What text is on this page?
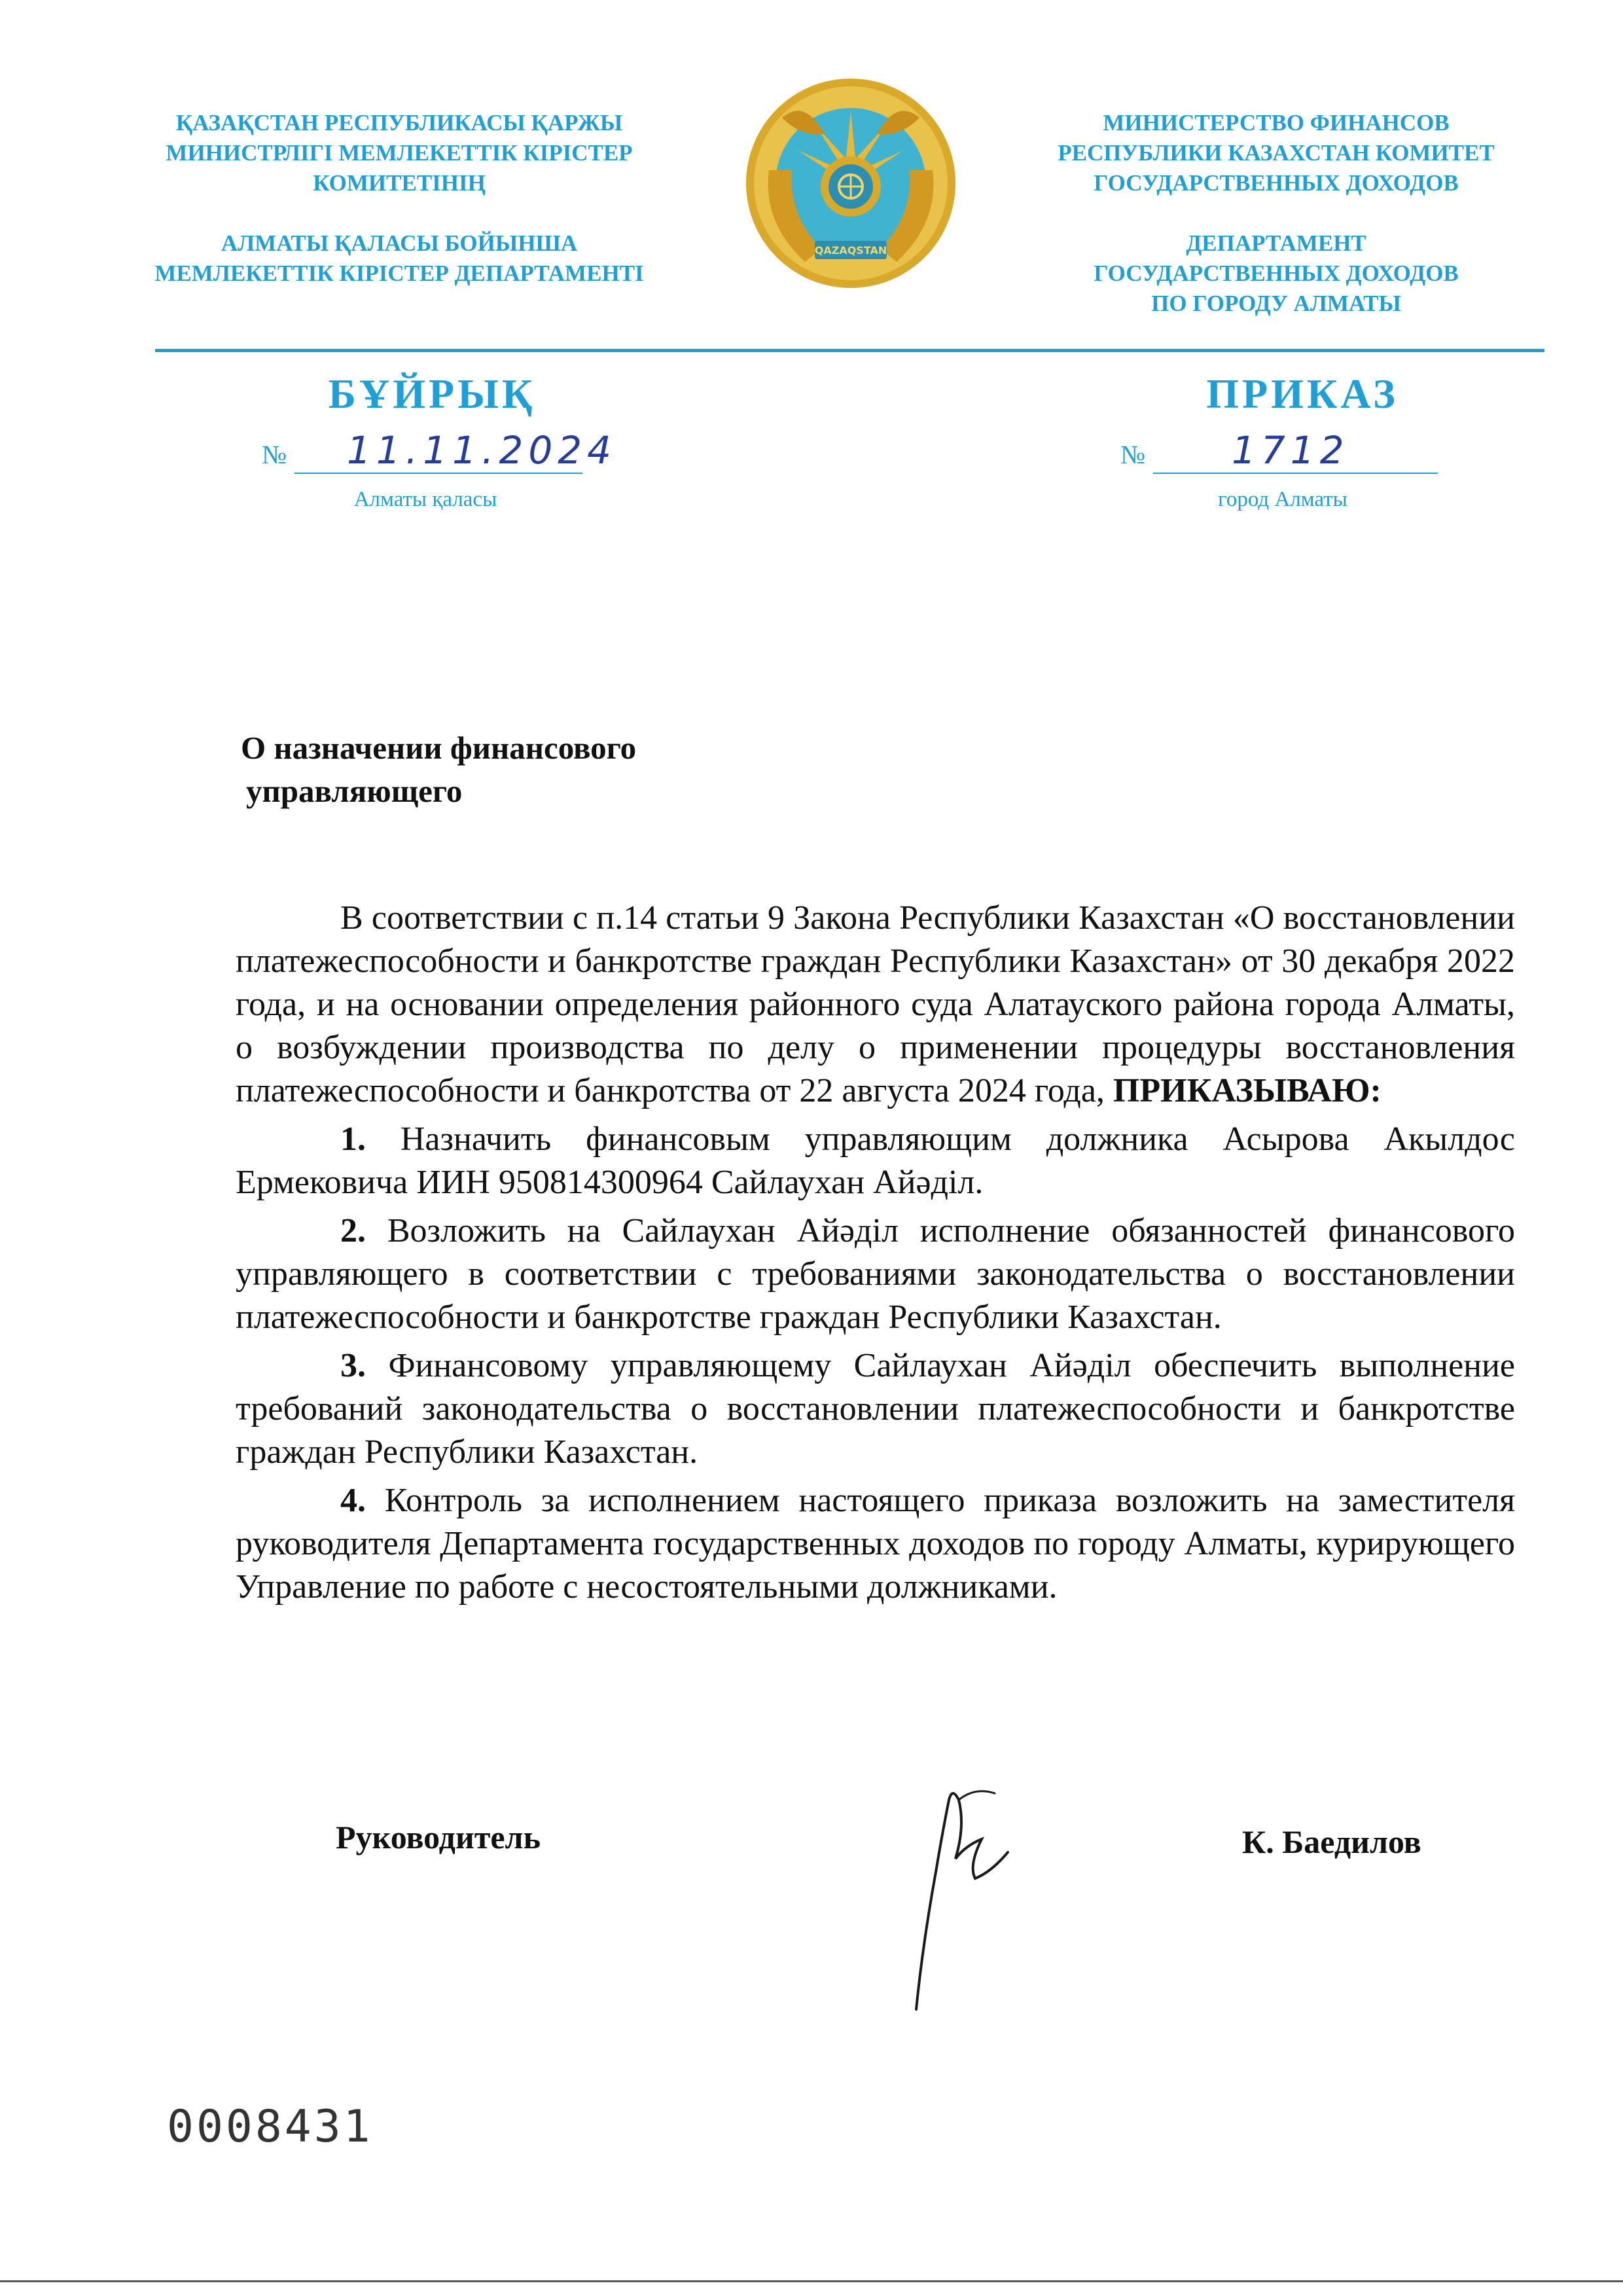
ҚАЗАҚСТАН РЕСПУБЛИКАСЫ ҚАРЖЫ
МИНИСТРЛІГІ МЕМЛЕКЕТТІК КІРІСТЕР
КОМИТЕТІНІҢ
АЛМАТЫ ҚАЛАСЫ БОЙЫНША
МЕМЛЕКЕТТІК КІРІСТЕР ДЕПАРТАМЕНТІ
QAZAQSTAN
МИНИСТЕРСТВО ФИНАНСОВ
РЕСПУБЛИКИ КАЗАХСТАН КОМИТЕТ
ГОСУДАРСТВЕННЫХ ДОХОДОВ
ДЕПАРТАМЕНТ
ГОСУДАРСТВЕННЫХ ДОХОДОВ
ПО ГОРОДУ АЛМАТЫ
БҰЙРЫҚ	ПРИКАЗ
№ 11.11.2024
Алматы қаласы
№ 1712
город Алматы
О назначении финансового
управляющего

В соответствии с п.14 статьи 9 Закона Республики Казахстан «О восстановлении платежеспособности и банкротстве граждан Республики Казахстан» от 30 декабря 2022 года, и на основании определения районного суда Алатауского района города Алматы, о возбуждении производства по делу о применении процедуры восстановления платежеспособности и банкротства от 22 августа 2024 года, ПРИКАЗЫВАЮ:

1. Назначить финансовым управляющим должника Асырова Акылдос Ермековича ИИН 950814300964 Сайлаухан Айәділ.

2. Возложить на Сайлаухан Айәділ исполнение обязанностей финансового управляющего в соответствии с требованиями законодательства о восстановлении платежеспособности и банкротстве граждан Республики Казахстан.

3. Финансовому управляющему Сайлаухан Айәділ обеспечить выполнение требований законодательства о восстановлении платежеспособности и банкротстве граждан Республики Казахстан.

4. Контроль за исполнением настоящего приказа возложить на заместителя руководителя Департамента государственных доходов по городу Алматы, курирующего Управление по работе с несостоятельными должниками.

Руководитель	К. Баедилов
0008431
